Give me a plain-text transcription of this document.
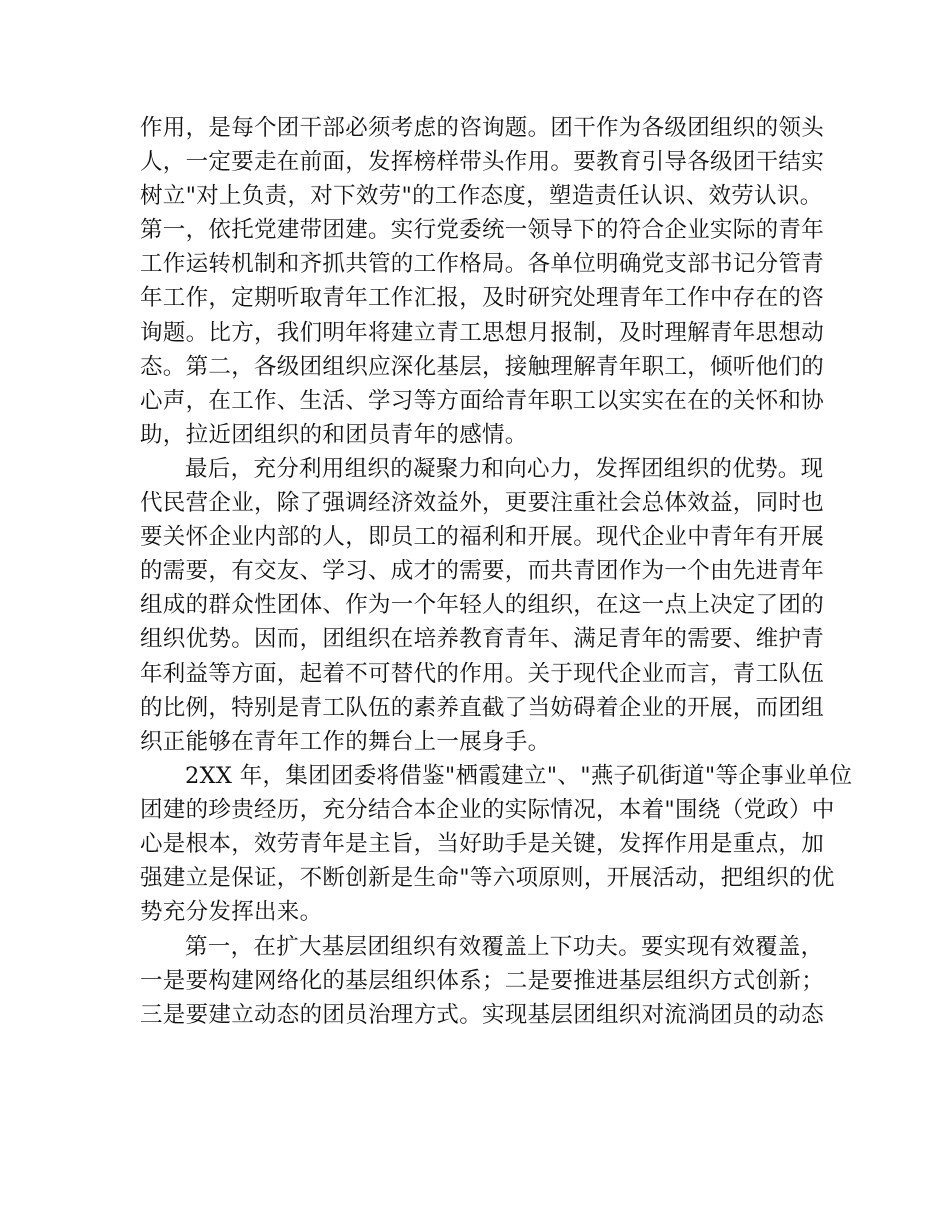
作用，是每个团干部必须考虑的咨询题。团干作为各级团组织的领头
人，一定要走在前面，发挥榜样带头作用。要教育引导各级团干结实
树立"对上负责，对下效劳"的工作态度，塑造责任认识、效劳认识。
第一，依托党建带团建。实行党委统一领导下的符合企业实际的青年
工作运转机制和齐抓共管的工作格局。各单位明确党支部书记分管青
年工作，定期听取青年工作汇报，及时研究处理青年工作中存在的咨
询题。比方，我们明年将建立青工思想月报制，及时理解青年思想动
态。第二，各级团组织应深化基层，接触理解青年职工，倾听他们的
心声，在工作、生活、学习等方面给青年职工以实实在在的关怀和协
助，拉近团组织的和团员青年的感情。
最后，充分利用组织的凝聚力和向心力，发挥团组织的优势。现
代民营企业，除了强调经济效益外，更要注重社会总体效益，同时也
要关怀企业内部的人，即员工的福利和开展。现代企业中青年有开展
的需要，有交友、学习、成才的需要，而共青团作为一个由先进青年
组成的群众性团体、作为一个年轻人的组织，在这一点上决定了团的
组织优势。因而，团组织在培养教育青年、满足青年的需要、维护青
年利益等方面，起着不可替代的作用。关于现代企业而言，青工队伍
的比例，特别是青工队伍的素养直截了当妨碍着企业的开展，而团组
织正能够在青年工作的舞台上一展身手。
2XX 年，集团团委将借鉴"栖霞建立"、"燕子矶街道"等企事业单位
团建的珍贵经历，充分结合本企业的实际情况，本着"围绕（党政）中
心是根本，效劳青年是主旨，当好助手是关键，发挥作用是重点，加
强建立是保证，不断创新是生命"等六项原则，开展活动，把组织的优
势充分发挥出来。
第一，在扩大基层团组织有效覆盖上下功夫。要实现有效覆盖，
一是要构建网络化的基层组织体系；二是要推进基层组织方式创新；
三是要建立动态的团员治理方式。实现基层团组织对流淌团员的动态
